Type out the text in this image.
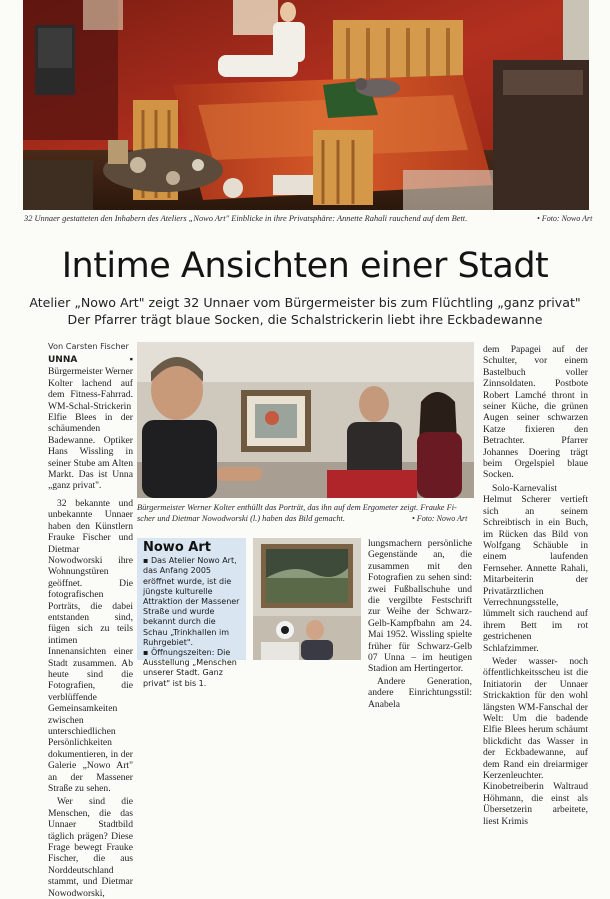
32 Unnaer gestatteten den Inhabern des Ateliers „Nowo Art" Einblicke in ihre Privatsphäre: Annette Rahali rauchend auf dem Bett.	• Foto: Nowo Art
Intime Ansichten einer Stadt
Atelier „Nowo Art" zeigt 32 Unnaer vom Bürgermeister bis zum Flüchtling „ganz privat"
Der Pfarrer trägt blaue Socken, die Schalstrickerin liebt ihre Eckbadewanne
Von Carsten Fischer

UNNA ▪ Bürgermeister Werner Kolter lachend auf dem Fitness-Fahrrad. WM-Schal-Strickerin Elfie Blees in der schäumenden Badewanne. Optiker Hans Wissling in seiner Stube am Alten Markt. Das ist Unna „ganz privat".

32 bekannte und unbekannte Unnaer haben den Künstlern Frauke Fischer und Dietmar Nowodworski ihre Wohnungstüren geöffnet. Die fotografischen Porträts, die dabei entstanden sind, fügen sich zu teils intimen Innenansichten einer Stadt zusammen. Ab heute sind die Fotografien, die verblüffende Gemeinsamkeiten zwischen unterschiedlichen Persönlichkeiten dokumentieren, in der Galerie „Nowo Art" an der Massener Straße zu sehen.

Wer sind die Menschen, die das Unnaer Stadtbild täglich prägen? Diese Frage bewegt Frauke Fischer, die aus Norddeutschland stammt, und Dietmar Nowodworski,

Bürgermeister Werner Kolter enthüllt das Porträt, das ihn auf dem Ergometer zeigt. Frauke Fi-
scher und Dietmar Nowodworski (l.) haben das Bild gemacht.	• Foto: Nowo Art
Nowo Art

▪ Das Atelier Nowo Art, das Anfang 2005 eröffnet wurde, ist die jüngste kulturelle Attraktion der Massener Straße und wurde bekannt durch die Schau „Trinkhallen im Ruhrgebiet".

▪ Öffnungszeiten: Die Ausstellung „Menschen unserer Stadt. Ganz privat" ist bis 1.

lungsmachern persönliche Gegenstände an, die zusammen mit den Fotografien zu sehen sind: zwei Fußballschuhe und die vergilbte Festschrift zur Weihe der Schwarz-Gelb-Kampfbahn am 24. Mai 1952. Wissling spielte früher für Schwarz-Gelb 07 Unna – im heutigen Stadion am Hertingertor.

Andere Generation, andere Einrichtungsstil: Anabela

dem Papagei auf der Schulter, vor einem Bastelbuch voller Zinnsoldaten. Postbote Robert Lamché thront in seiner Küche, die grünen Augen seiner schwarzen Katze fixieren den Betrachter. Pfarrer Johannes Doering trägt beim Orgelspiel blaue Socken.

Solo-Karnevalist Helmut Scherer vertieft sich an seinem Schreibtisch in ein Buch, im Rücken das Bild von Wolfgang Schäuble in einem laufenden Fernseher. Annette Rahali, Mitarbeiterin der Privatärztlichen Verrechnungsstelle, lümmelt sich rauchend auf ihrem Bett im rot gestrichenen Schlafzimmer.

Weder wasser- noch öffentlichkeitsscheu ist die Initiatorin der Unnaer Strickaktion für den wohl längsten WM-Fanschal der Welt: Um die badende Elfie Blees herum schäumt blickdicht das Wasser in der Eckbadewanne, auf dem Rand ein dreiarmiger Kerzenleuchter. Kinobetreiberin Waltraud Höhmann, die einst als Übersetzerin arbeitete, liest Krimis
